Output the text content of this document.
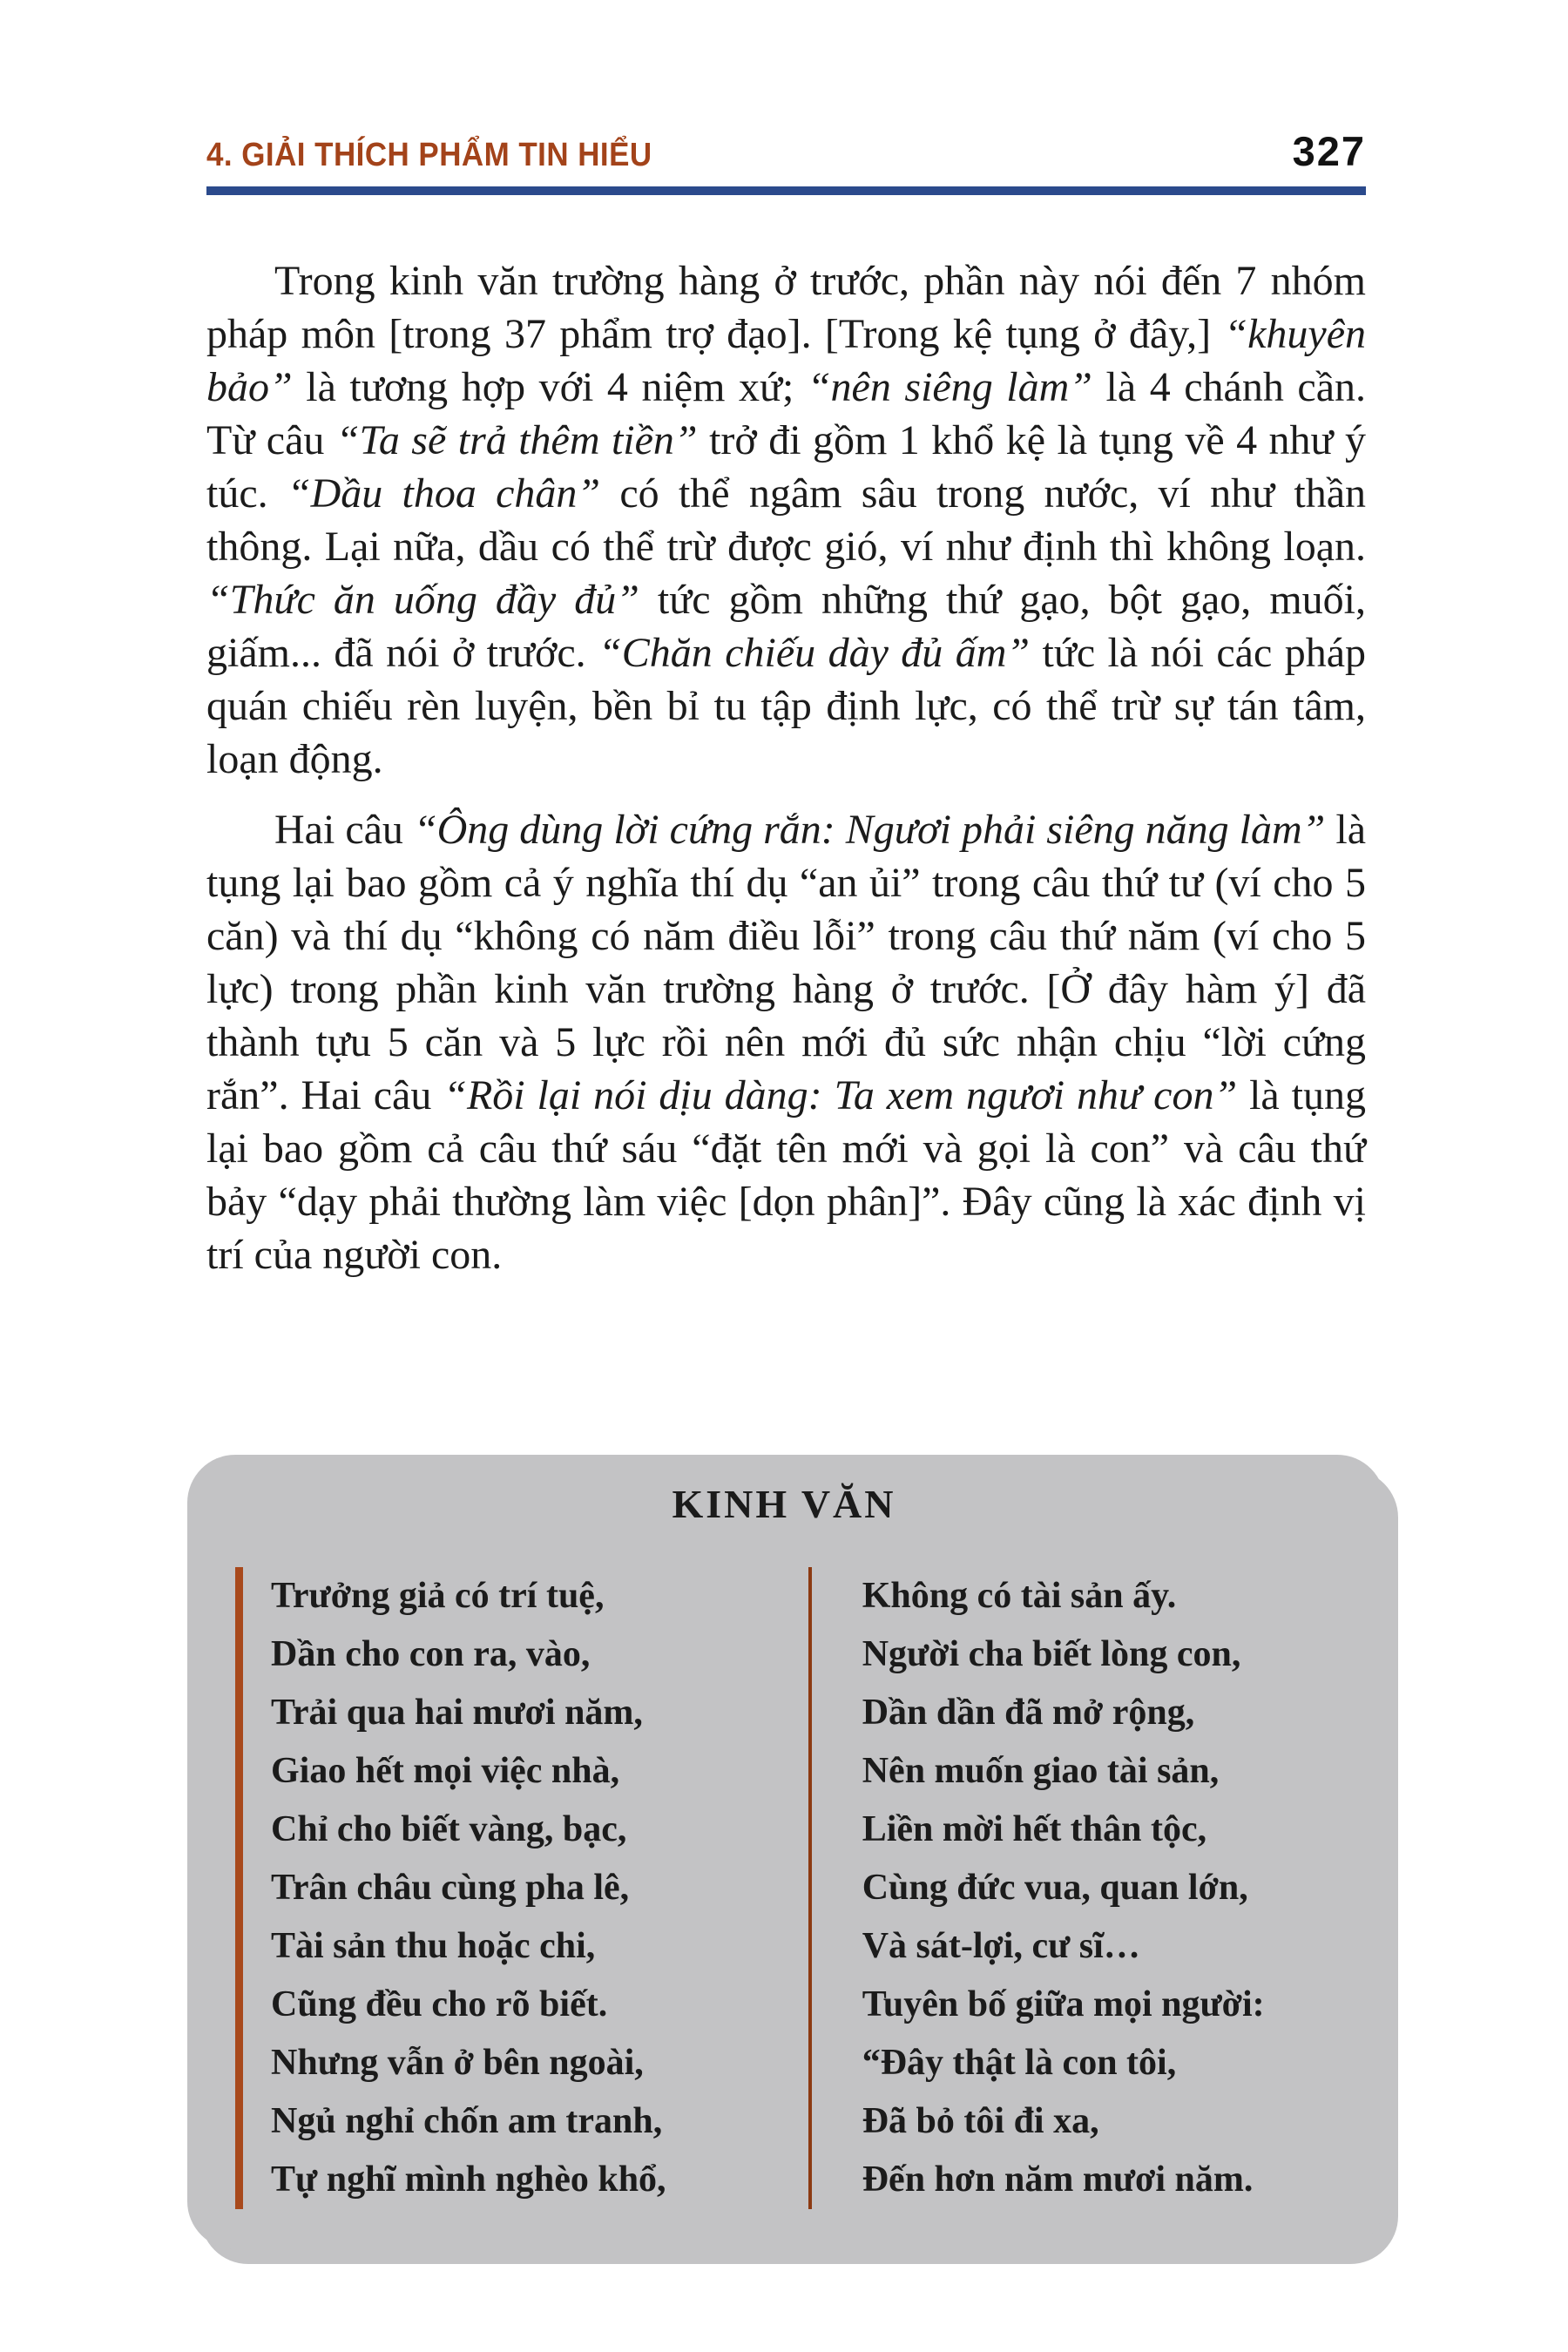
4. GIẢI THÍCH PHẨM TIN HIỂU	327

Trong kinh văn trường hàng ở trước, phần này nói đến 7 nhóm pháp môn [trong 37 phẩm trợ đạo]. [Trong kệ tụng ở đây,] “khuyên bảo” là tương hợp với 4 niệm xứ; “nên siêng làm” là 4 chánh cần. Từ câu “Ta sẽ trả thêm tiền” trở đi gồm 1 khổ kệ là tụng về 4 như ý túc. “Dầu thoa chân” có thể ngâm sâu trong nước, ví như thần thông. Lại nữa, dầu có thể trừ được gió, ví như định thì không loạn. “Thức ăn uống đầy đủ” tức gồm những thứ gạo, bột gạo, muối, giấm... đã nói ở trước. “Chăn chiếu dày đủ ấm” tức là nói các pháp quán chiếu rèn luyện, bền bỉ tu tập định lực, có thể trừ sự tán tâm, loạn động.

Hai câu “Ông dùng lời cứng rắn: Ngươi phải siêng năng làm” là tụng lại bao gồm cả ý nghĩa thí dụ “an ủi” trong câu thứ tư (ví cho 5 căn) và thí dụ “không có năm điều lỗi” trong câu thứ năm (ví cho 5 lực) trong phần kinh văn trường hàng ở trước. [Ở đây hàm ý] đã thành tựu 5 căn và 5 lực rồi nên mới đủ sức nhận chịu “lời cứng rắn”. Hai câu “Rồi lại nói dịu dàng: Ta xem ngươi như con” là tụng lại bao gồm cả câu thứ sáu “đặt tên mới và gọi là con” và câu thứ bảy “dạy phải thường làm việc [dọn phân]”. Đây cũng là xác định vị trí của người con.

KINH VĂN
Trưởng giả có trí tuệ,
Dần cho con ra, vào,
Trải qua hai mươi năm,
Giao hết mọi việc nhà,
Chỉ cho biết vàng, bạc,
Trân châu cùng pha lê,
Tài sản thu hoặc chi,
Cũng đều cho rõ biết.
Nhưng vẫn ở bên ngoài,
Ngủ nghỉ chốn am tranh,
Tự nghĩ mình nghèo khổ,
Không có tài sản ấy.
Người cha biết lòng con,
Dần dần đã mở rộng,
Nên muốn giao tài sản,
Liền mời hết thân tộc,
Cùng đức vua, quan lớn,
Và sát-lợi, cư sĩ…
Tuyên bố giữa mọi người:
“Đây thật là con tôi,
Đã bỏ tôi đi xa,
Đến hơn năm mươi năm.
